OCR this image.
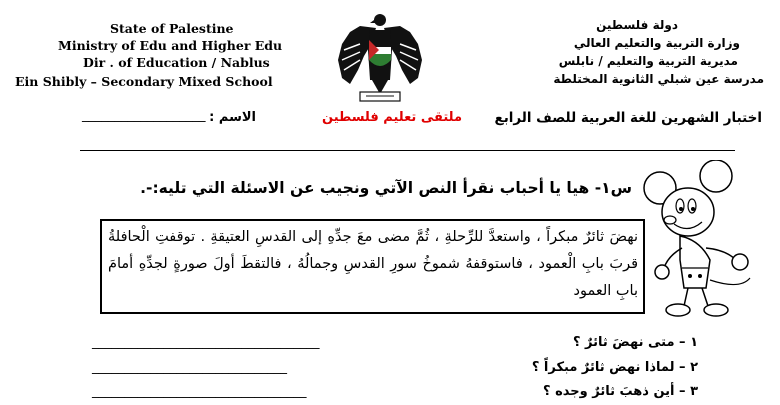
State of Palestine
Ministry of Edu and Higher Edu
Dir . of Education / Nablus
Ein Shibly – Secondary Mixed School
دولة فلسطين
وزارة التربية والتعليم العالي
مديرية التربية والتعليم / نابلس
مدرسة عين شبلي الثانوية المختلطة
اختبار الشهرين للغة العربية للصف الرابع
ملتقى تعليم فلسطين
الاسم :
___________________
س١- هيا يا أحباب نقرأ النص الآتي ونجيب عن الاسئلة التي تليه:-.
نهضَ ثائرٌ مبكراً ، واستعدَّ للرِّحلةِ ، ثُمَّ مضى معَ جدِّهِ إلى القدسِ العتيقةِ . توقفتِ الْحافلةُ قربَ بابِ الْعمود ، فاستوقفهُ شموخُ سورِ القدسِ وجمالُهُ ، فالتقطَ أولَ صورةٍ لجدِّهِ أمامَ بابِ العمود
١ – متى نهضَ ثائرٌ ؟
___________________________________
٢ – لماذا نهض ثائرٌ مبكراً ؟
______________________________
٣ – أين ذهبَ ثائرٌ وجده ؟
_________________________________
